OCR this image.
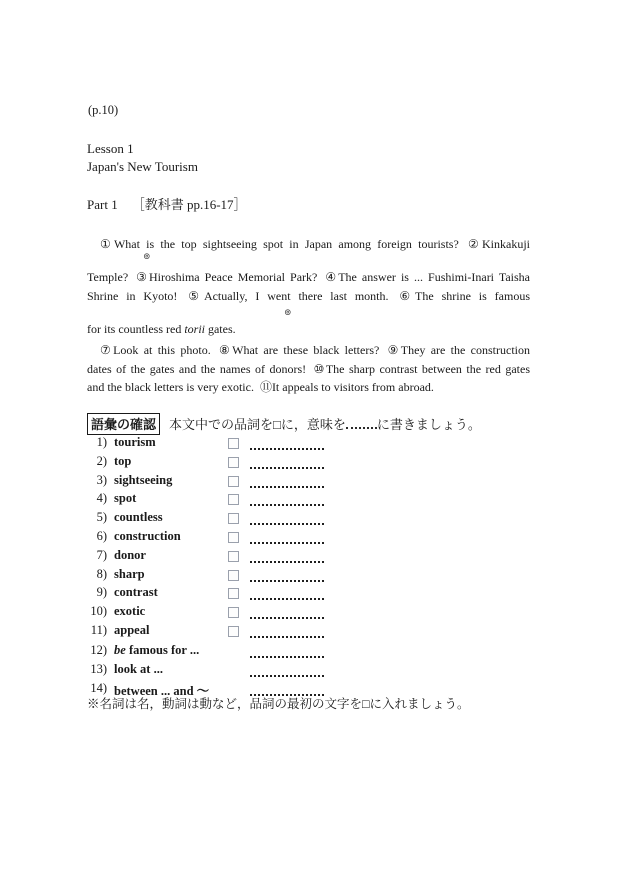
(p.10)
Lesson 1
Japan's New Tourism
Part 1 ［教科書 pp.16-17］
①What is the top sightseeing spot in Japan among foreign tourists? ②Kinkakuji
⊚
Temple? ③Hiroshima Peace Memorial Park? ④The answer is ... Fushimi-Inari Taisha
Shrine in Kyoto! ⑤Actually, I went there last month. ⑥The shrine is famous
⊚
for its countless red torii gates.
⑦Look at this photo. ⑧What are these black letters? ⑨They are the construction
dates of the gates and the names of donors! ⑩The sharp contrast between the red gates
and the black letters is very exotic. ⑪It appeals to visitors from abroad.
語彙の確認 本文中での品詞を□に，意味を に書きましょう。
1) tourism
2) top
3) sightseeing
4) spot
5) countless
6) construction
7) donor
8) sharp
9) contrast
10) exotic
11) appeal
12) be famous for ...
13) look at ...
14) between ... and ～
※名詞は名，動詞は動など，品詞の最初の文字を□に入れましょう。
